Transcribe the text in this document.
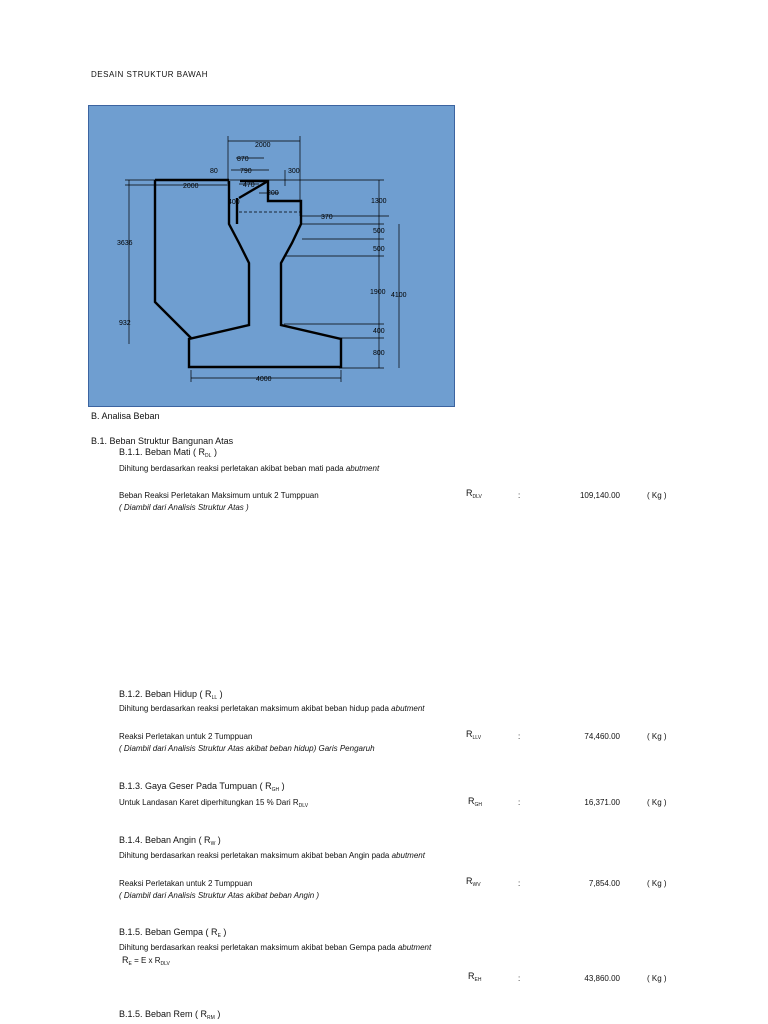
DESAIN STRUKTUR BAWAH
2000
870
80	790	300
2000	470
200
400
370
3636
932
1300
500
500
1900 4100
400
800
4000
B. Analisa Beban
B.1. Beban Struktur Bangunan Atas
B.1.1. Beban Mati ( $R_{DL}$ )
Dihitung berdasarkan reaksi perletakan akibat beban mati pada abutment
Beban Reaksi Perletakan Maksimum untuk 2 Tumppuan
( Diambil dari Analisis Struktur Atas )
$R_{DLV}$	:	109,140.00	( Kg )
B.1.2. Beban Hidup ( $R_{LL}$ )
Dihitung berdasarkan reaksi perletakan maksimum akibat beban hidup pada abutment
Reaksi Perletakan untuk 2 Tumppuan
( Diambil dari Analisis Struktur Atas akibat beban hidup) Garis Pengaruh
$R_{LLV}$	:	74,460.00	( Kg )
B.1.3. Gaya Geser Pada Tumpuan ( $R_{GH}$ )
Untuk Landasan Karet diperhitungkan 15 % Dari $R_{DLV}$	$R_{GH}$	:	16,371.00	( Kg )
B.1.4. Beban Angin ( $R_W$ )
Dihitung berdasarkan reaksi perletakan maksimum akibat beban Angin pada abutment
Reaksi Perletakan untuk 2 Tumppuan
( Diambil dari Analisis Struktur Atas akibat beban Angin )
$R_{WV}$	:	7,854.00	( Kg )
B.1.5. Beban Gempa ( $R_E$ )
Dihitung berdasarkan reaksi perletakan maksimum akibat beban Gempa pada abutment
$R_E = E$ x $R_{DLV}$
$R_{EH}$	:	43,860.00	( Kg )
B.1.5. Beban Rem ( $R_{RM}$ )
